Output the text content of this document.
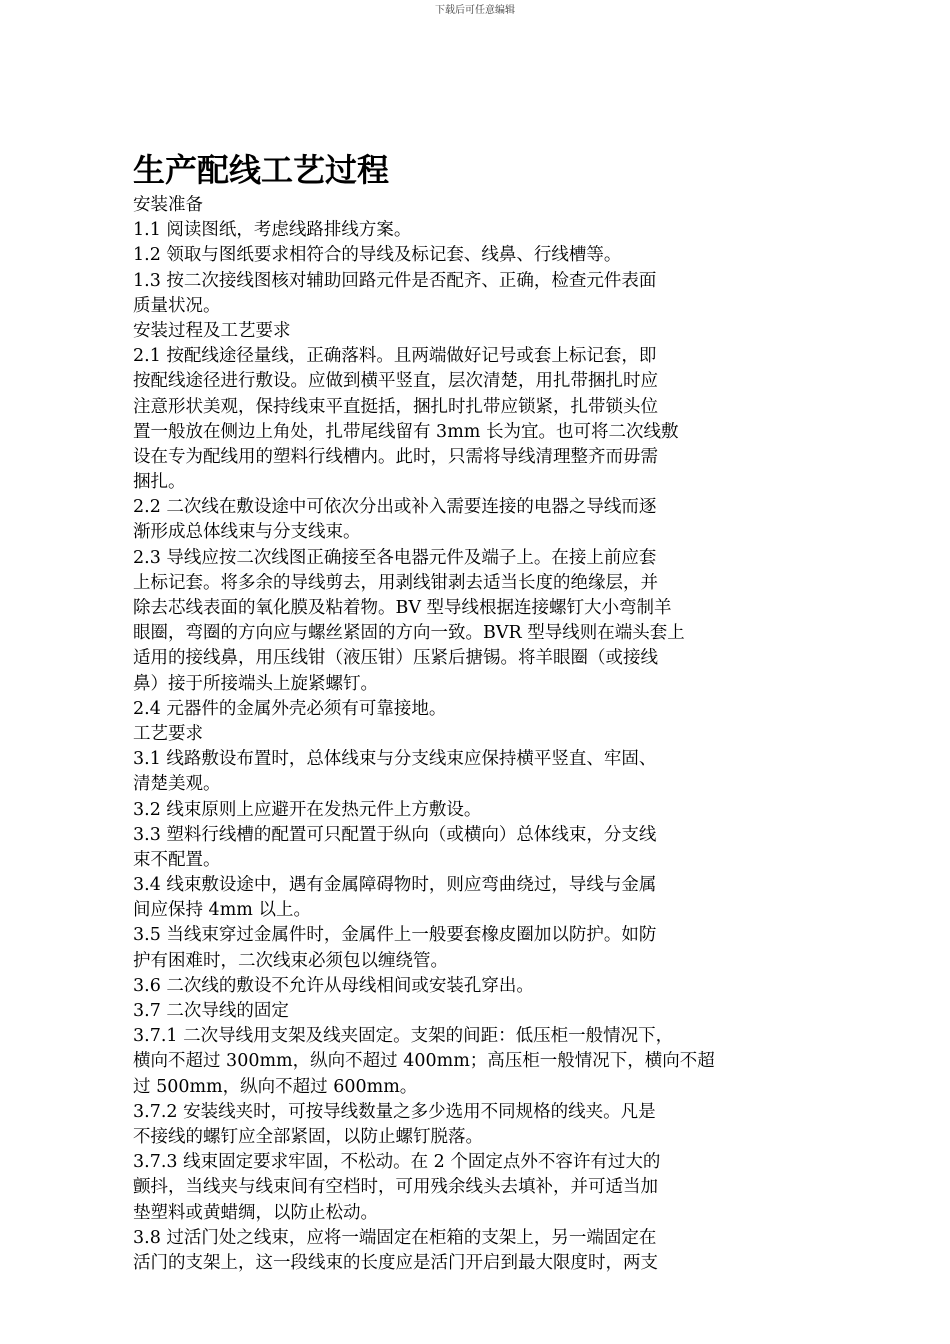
下载后可任意编辑
生产配线工艺过程
安装准备
1.1 阅读图纸，考虑线路排线方案。
1.2 领取与图纸要求相符合的导线及标记套、线鼻、行线槽等。
1.3 按二次接线图核对辅助回路元件是否配齐、正确，检查元件表面
质量状况。
安装过程及工艺要求
2.1 按配线途径量线，正确落料。且两端做好记号或套上标记套，即
按配线途径进行敷设。应做到横平竖直，层次清楚，用扎带捆扎时应
注意形状美观，保持线束平直挺括，捆扎时扎带应锁紧，扎带锁头位
置一般放在侧边上角处，扎带尾线留有 3mm 长为宜。也可将二次线敷
设在专为配线用的塑料行线槽内。此时，只需将导线清理整齐而毋需
捆扎。
2.2 二次线在敷设途中可依次分出或补入需要连接的电器之导线而逐
渐形成总体线束与分支线束。
2.3 导线应按二次线图正确接至各电器元件及端子上。在接上前应套
上标记套。将多余的导线剪去，用剥线钳剥去适当长度的绝缘层，并
除去芯线表面的氧化膜及粘着物。BV 型导线根据连接螺钉大小弯制羊
眼圈，弯圈的方向应与螺丝紧固的方向一致。BVR 型导线则在端头套上
适用的接线鼻，用压线钳（液压钳）压紧后搪锡。将羊眼圈（或接线
鼻）接于所接端头上旋紧螺钉。
2.4 元器件的金属外壳必须有可靠接地。
工艺要求
3.1 线路敷设布置时，总体线束与分支线束应保持横平竖直、牢固、
清楚美观。
3.2 线束原则上应避开在发热元件上方敷设。
3.3 塑料行线槽的配置可只配置于纵向（或横向）总体线束，分支线
束不配置。
3.4 线束敷设途中，遇有金属障碍物时，则应弯曲绕过，导线与金属
间应保持 4mm 以上。
3.5 当线束穿过金属件时，金属件上一般要套橡皮圈加以防护。如防
护有困难时，二次线束必须包以缠绕管。
3.6 二次线的敷设不允许从母线相间或安装孔穿出。
3.7 二次导线的固定
3.7.1 二次导线用支架及线夹固定。支架的间距：低压柜一般情况下，
横向不超过 300mm，纵向不超过 400mm；高压柜一般情况下，横向不超
过 500mm，纵向不超过 600mm。
3.7.2 安装线夹时，可按导线数量之多少选用不同规格的线夹。凡是
不接线的螺钉应全部紧固，以防止螺钉脱落。
3.7.3 线束固定要求牢固，不松动。在 2 个固定点外不容许有过大的
颤抖，当线夹与线束间有空档时，可用残余线头去填补，并可适当加
垫塑料或黄蜡绸，以防止松动。
3.8 过活门处之线束，应将一端固定在柜箱的支架上，另一端固定在
活门的支架上，这一段线束的长度应是活门开启到最大限度时，两支
